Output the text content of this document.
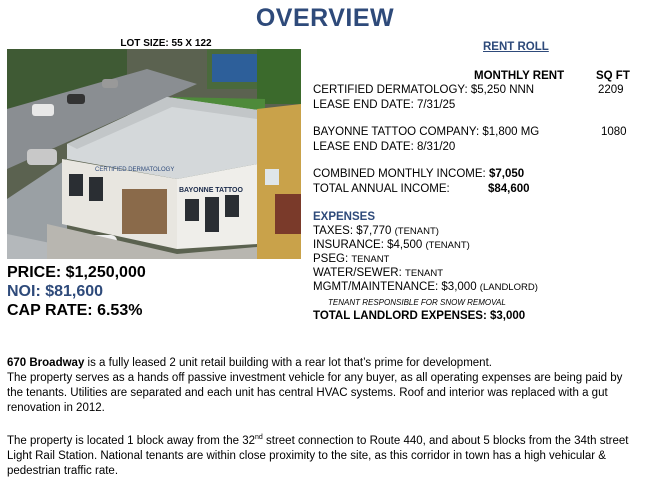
OVERVIEW
LOT SIZE: 55 X 122
CERTIFIED DERMATOLOGY
BAYONNE TATTOO
PRICE: $1,250,000
NOI: $81,600
CAP RATE: 6.53%
RENT ROLL
MONTHLY RENT	SQ FT
CERTIFIED DERMATOLOGY: $5,250 NNN	2209
LEASE END DATE: 7/31/25
BAYONNE TATTOO COMPANY: $1,800 MG	1080
LEASE END DATE: 8/31/20
COMBINED MONTHLY INCOME: $7,050
TOTAL ANNUAL INCOME:	$84,600
EXPENSES
TAXES: $7,770 (TENANT)
INSURANCE: $4,500 (TENANT)
PSEG: TENANT
WATER/SEWER: TENANT
MGMT/MAINTENANCE: $3,000 (LANDLORD)
TENANT RESPONSIBLE FOR SNOW REMOVAL
TOTAL LANDLORD EXPENSES: $3,000

670 Broadway is a fully leased 2 unit retail building with a rear lot that’s prime for development.
The property serves as a hands off passive investment vehicle for any buyer, as all operating expenses are being paid by the tenants. Utilities are separated and each unit has central HVAC systems. Roof and interior was replaced with a gut renovation in 2012.

The property is located 1 block away from the 32nd street connection to Route 440, and about 5 blocks from the 34th street Light Rail Station. National tenants are within close proximity to the site, as this corridor in town has a high vehicular & pedestrian traffic rate.
